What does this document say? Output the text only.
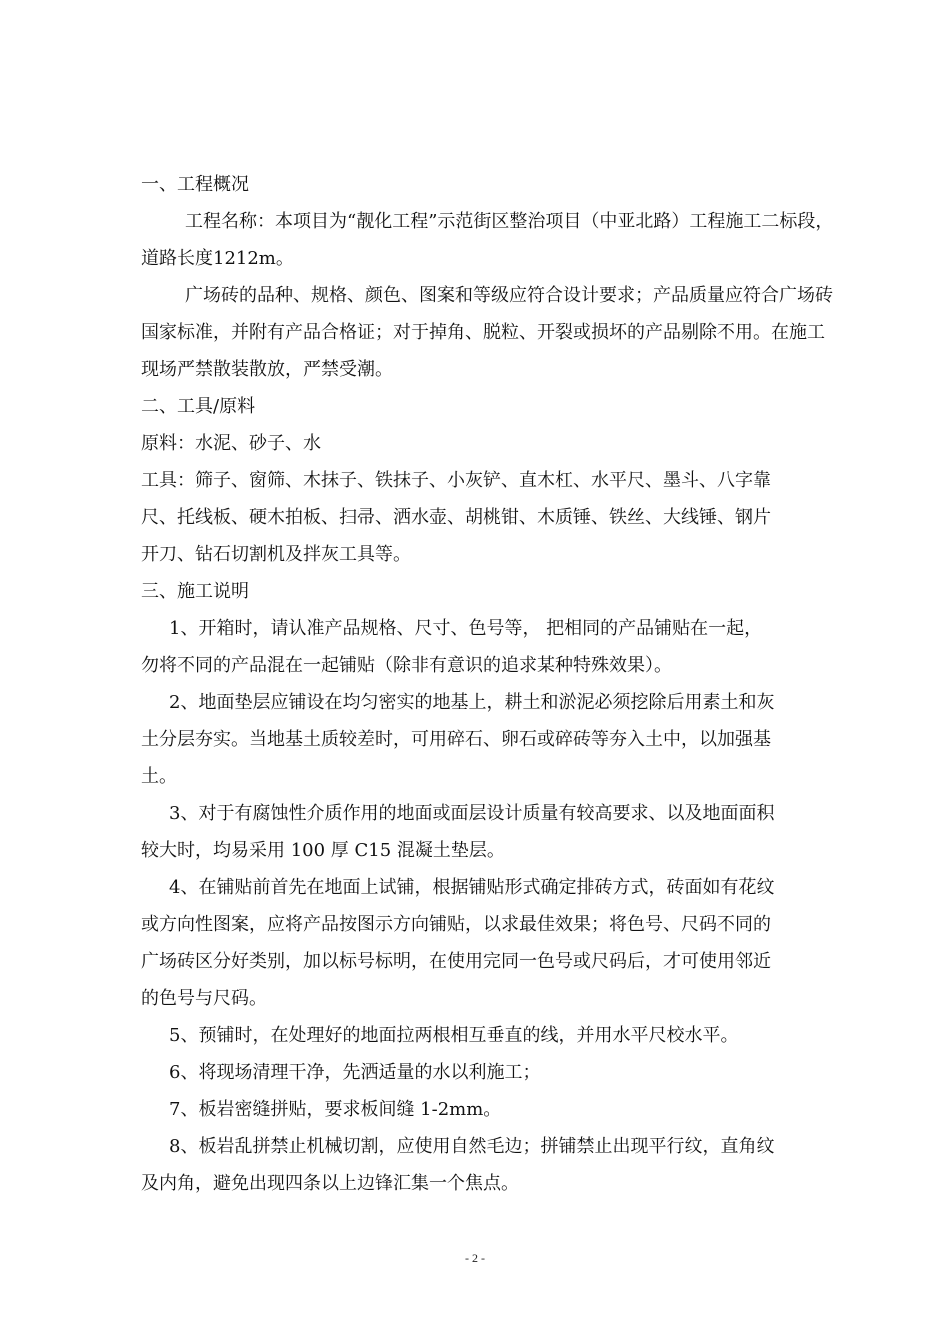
一、工程概况
工程名称：本项目为“靓化工程”示范街区整治项目（中亚北路）工程施工二标段，
道路长度1212m。
广场砖的品种、规格、颜色、图案和等级应符合设计要求；产品质量应符合广场砖
国家标准，并附有产品合格证；对于掉角、脱粒、开裂或损坏的产品剔除不用。在施工
现场严禁散装散放，严禁受潮。
二、工具/原料
原料：水泥、砂子、水
工具：筛子、窗筛、木抹子、铁抹子、小灰铲、直木杠、水平尺、墨斗、八字靠
尺、托线板、硬木拍板、扫帚、洒水壶、胡桃钳、木质锤、铁丝、大线锤、钢片
开刀、钻石切割机及拌灰工具等。
三、施工说明
1、开箱时，请认准产品规格、尺寸、色号等， 把相同的产品铺贴在一起，
勿将不同的产品混在一起铺贴（除非有意识的追求某种特殊效果）。
2、地面垫层应铺设在均匀密实的地基上，耕土和淤泥必须挖除后用素土和灰
土分层夯实。当地基土质较差时，可用碎石、卵石或碎砖等夯入土中，以加强基
土。
3、对于有腐蚀性介质作用的地面或面层设计质量有较高要求、以及地面面积
较大时，均易采用 100 厚 C15 混凝土垫层。
4、在铺贴前首先在地面上试铺，根据铺贴形式确定排砖方式，砖面如有花纹
或方向性图案，应将产品按图示方向铺贴，以求最佳效果；将色号、尺码不同的
广场砖区分好类别，加以标号标明，在使用完同一色号或尺码后，才可使用邻近
的色号与尺码。
5、预铺时，在处理好的地面拉两根相互垂直的线，并用水平尺校水平。
6、将现场清理干净，先洒适量的水以利施工；
7、板岩密缝拼贴，要求板间缝 1-2mm。
8、板岩乱拼禁止机械切割，应使用自然毛边；拼铺禁止出现平行纹，直角纹
及内角，避免出现四条以上边锋汇集一个焦点。
- 2 -
